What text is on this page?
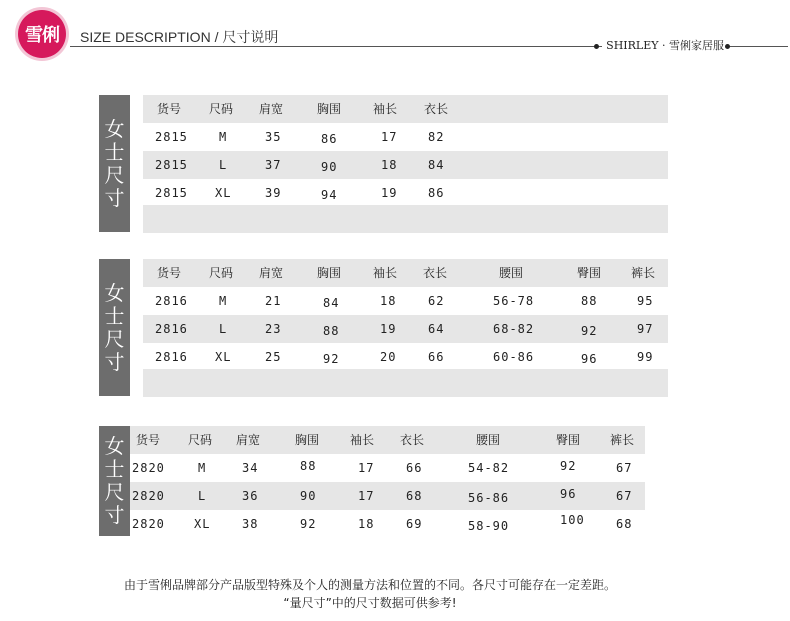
雪俐 SIZE DESCRIPTION / 尺寸说明
SHIRLEY · 雪俐家居服
女
士
尺
寸
货号 尺码 肩宽	胸围	袖长 衣长
2815	M	35	86	17	82
2815	L	37	90	18	84
2815 XL	39	94	19	86
女
士
尺
寸
货号 尺码 肩宽	胸围	袖长 衣长	腰围	臀围 裤长
2816	M	21	84	18	62	56-78	88	95
2816	L	23	88	19	64	68-82	92	97
2816 XL	25	92	20	66	60-86	96	99
女
士
尺
寸
货号 尺码 肩宽	胸围	袖长 衣长	腰围	臀围 裤长
2820	M	34	88	17	66	54-82	92	67
2820	L	36	90	17	68	56-86	96	67
2820 XL	38	92	18	69	58-90	100	68
由于雪俐品牌部分产品版型特殊及个人的测量方法和位置的不同。各尺寸可能存在一定差距。
“量尺寸”中的尺寸数据可供参考!
